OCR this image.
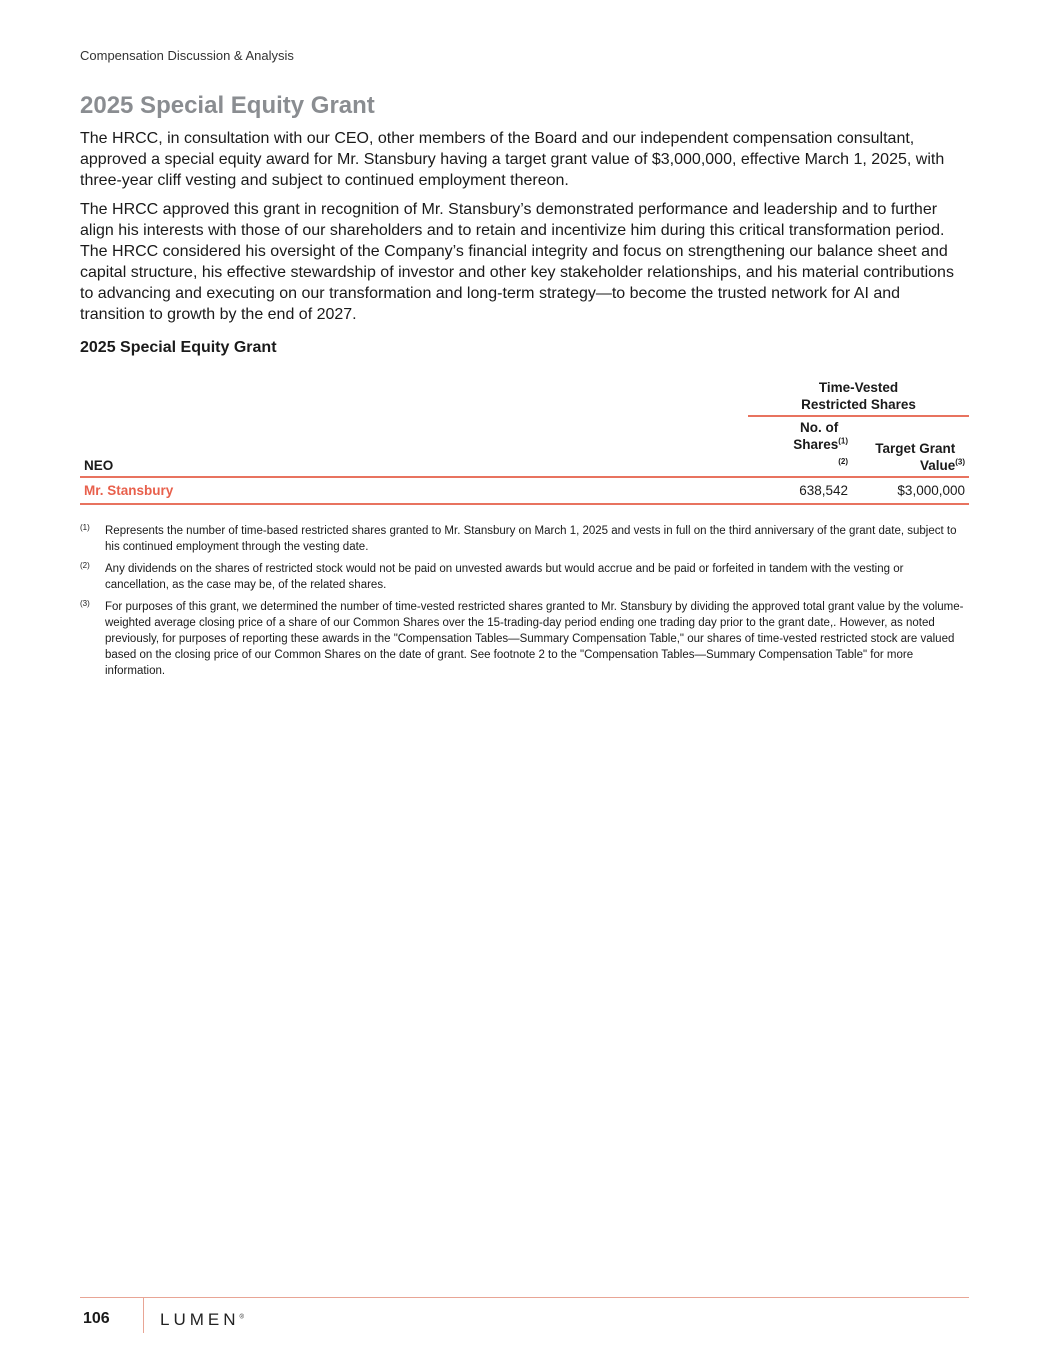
Compensation Discussion & Analysis
2025 Special Equity Grant

The HRCC, in consultation with our CEO, other members of the Board and our independent compensation consultant, approved a special equity award for Mr. Stansbury having a target grant value of $3,000,000, effective March 1, 2025, with three-year cliff vesting and subject to continued employment thereon.

The HRCC approved this grant in recognition of Mr. Stansbury’s demonstrated performance and leadership and to further align his interests with those of our shareholders and to retain and incentivize him during this critical transformation period. The HRCC considered his oversight of the Company’s financial integrity and focus on strengthening our balance sheet and capital structure, his effective stewardship of investor and other key stakeholder relationships, and his material contributions to advancing and executing on our transformation and long-term strategy—to become the trusted network for AI and transition to growth by the end of 2027.

2025 Special Equity Grant
	Time-Vested Restricted Shares	
NEO	No. of Shares$^{(1)(2)}$	Target Grant Value$^{(3)}$
Mr. Stansbury	638,542	$3,000,000
(1)	Represents the number of time-based restricted shares granted to Mr. Stansbury on March 1, 2025 and vests in full on the third anniversary of the grant date, subject to his continued employment through the vesting date.
(2)	Any dividends on the shares of restricted stock would not be paid on unvested awards but would accrue and be paid or forfeited in tandem with the vesting or cancellation, as the case may be, of the related shares.
(3)	For purposes of this grant, we determined the number of time-vested restricted shares granted to Mr. Stansbury by dividing the approved total grant value by the volume-weighted average closing price of a share of our Common Shares over the 15-trading-day period ending one trading day prior to the grant date,. However, as noted previously, for purposes of reporting these awards in the "Compensation Tables—Summary Compensation Table," our shares of time-vested restricted stock are valued based on the closing price of our Common Shares on the date of grant. See footnote 2 to the "Compensation Tables—Summary Compensation Table" for more information.
106	LUMEN®
